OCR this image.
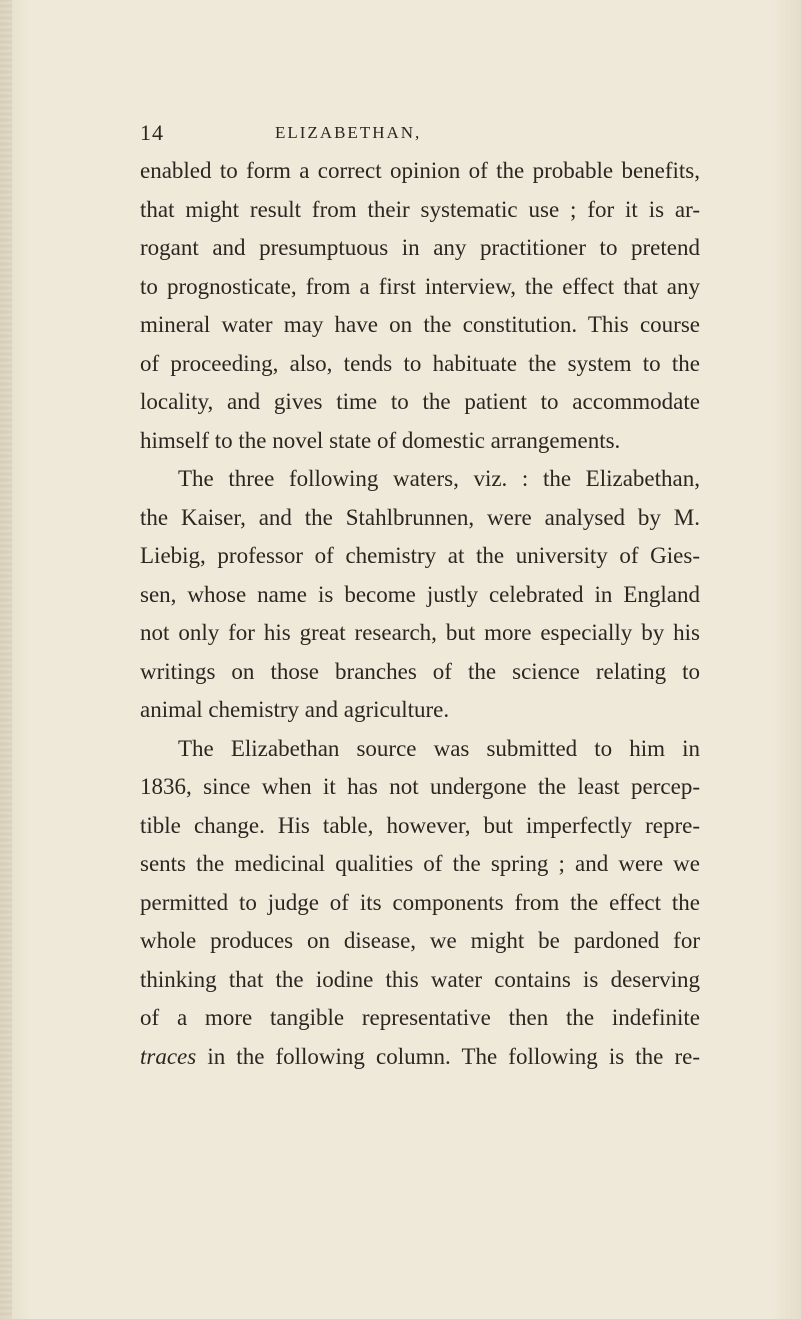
14	ELIZABETHAN,
enabled to form a correct opinion of the probable benefits,
that might result from their systematic use ; for it is ar-
rogant and presumptuous in any practitioner to pretend
to prognosticate, from a first interview, the effect that any
mineral water may have on the constitution. This course
of proceeding, also, tends to habituate the system to the
locality, and gives time to the patient to accommodate
himself to the novel state of domestic arrangements.
The three following waters, viz. : the Elizabethan,
the Kaiser, and the Stahlbrunnen, were analysed by M.
Liebig, professor of chemistry at the university of Gies-
sen, whose name is become justly celebrated in England
not only for his great research, but more especially by his
writings on those branches of the science relating to
animal chemistry and agriculture.
The Elizabethan source was submitted to him in
1836, since when it has not undergone the least percep-
tible change. His table, however, but imperfectly repre-
sents the medicinal qualities of the spring ; and were we
permitted to judge of its components from the effect the
whole produces on disease, we might be pardoned for
thinking that the iodine this water contains is deserving
of a more tangible representative then the indefinite
traces in the following column. The following is the re-
